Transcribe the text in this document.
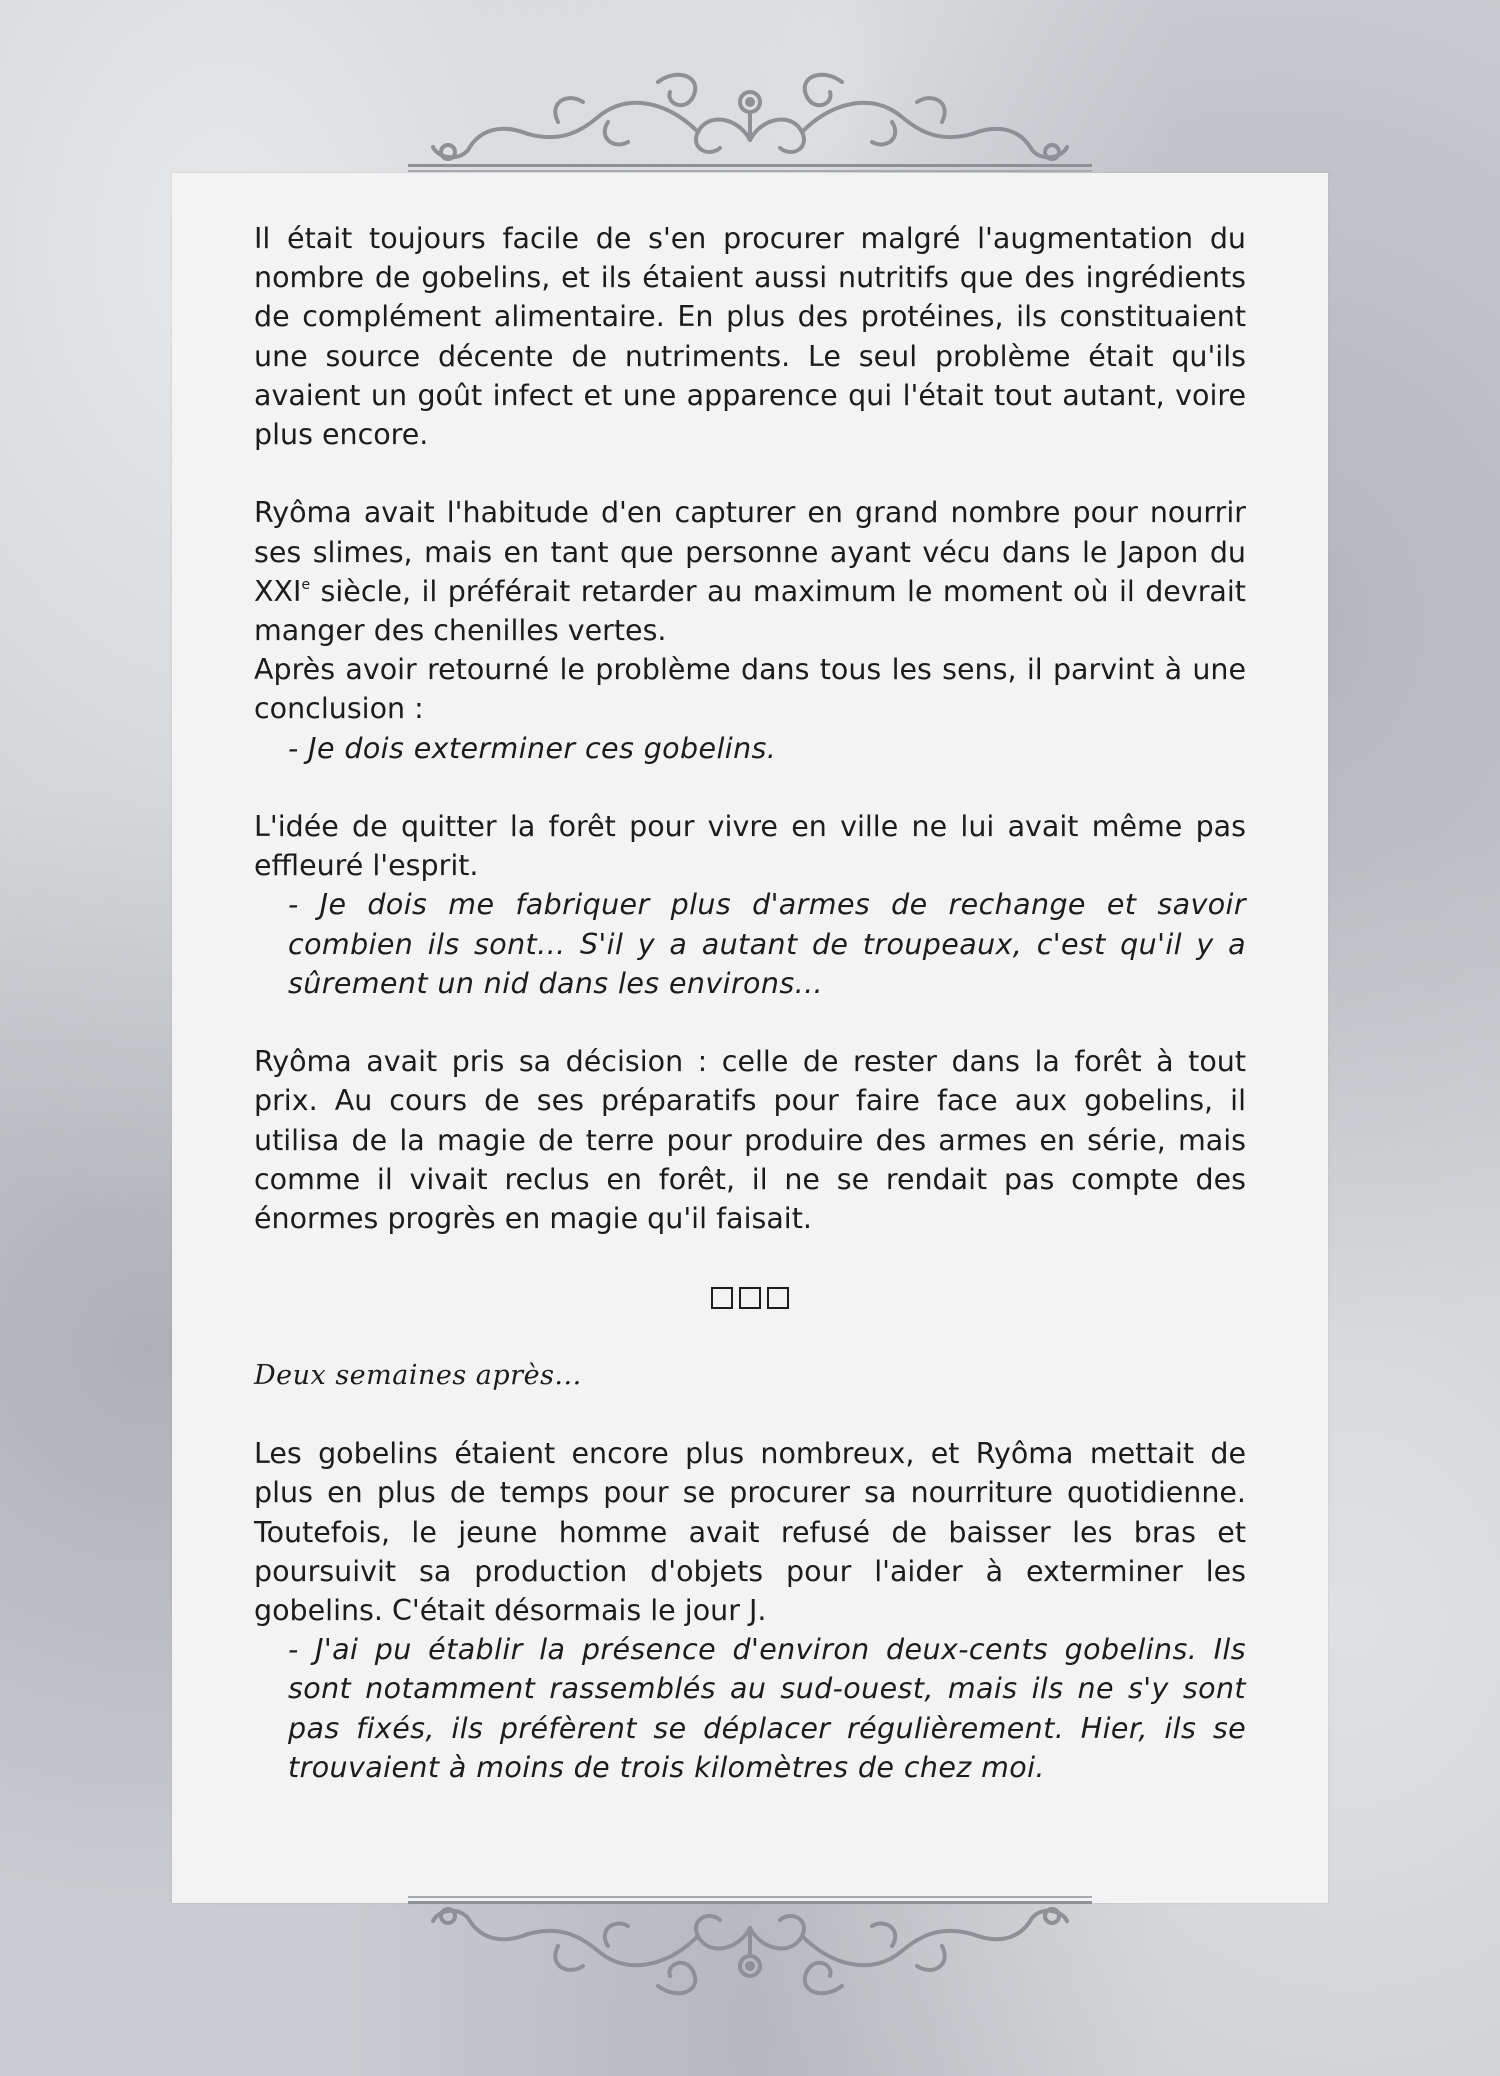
Il était toujours facile de s'en procurer malgré l'augmentation du nombre de gobelins, et ils étaient aussi nutritifs que des ingrédients de complément alimentaire. En plus des protéines, ils constituaient une source décente de nutriments. Le seul problème était qu'ils avaient un goût infect et une apparence qui l'était tout autant, voire plus encore.

Ryôma avait l'habitude d'en capturer en grand nombre pour nourrir ses slimes, mais en tant que personne ayant vécu dans le Japon du XXIe siècle, il préférait retarder au maximum le moment où il devrait manger des chenilles vertes.

Après avoir retourné le problème dans tous les sens, il parvint à une conclusion :

- Je dois exterminer ces gobelins.

L'idée de quitter la forêt pour vivre en ville ne lui avait même pas effleuré l'esprit.

- Je dois me fabriquer plus d'armes de rechange et savoir combien ils sont... S'il y a autant de troupeaux, c'est qu'il y a sûrement un nid dans les environs...

Ryôma avait pris sa décision : celle de rester dans la forêt à tout prix. Au cours de ses préparatifs pour faire face aux gobelins, il utilisa de la magie de terre pour produire des armes en série, mais comme il vivait reclus en forêt, il ne se rendait pas compte des énormes progrès en magie qu'il faisait.

Deux semaines après...

Les gobelins étaient encore plus nombreux, et Ryôma mettait de plus en plus de temps pour se procurer sa nourriture quotidienne. Toutefois, le jeune homme avait refusé de baisser les bras et poursuivit sa production d'objets pour l'aider à exterminer les gobelins. C'était désormais le jour J.

- J'ai pu établir la présence d'environ deux-cents gobelins. Ils sont notamment rassemblés au sud-ouest, mais ils ne s'y sont pas fixés, ils préfèrent se déplacer régulièrement. Hier, ils se trouvaient à moins de trois kilomètres de chez moi.
